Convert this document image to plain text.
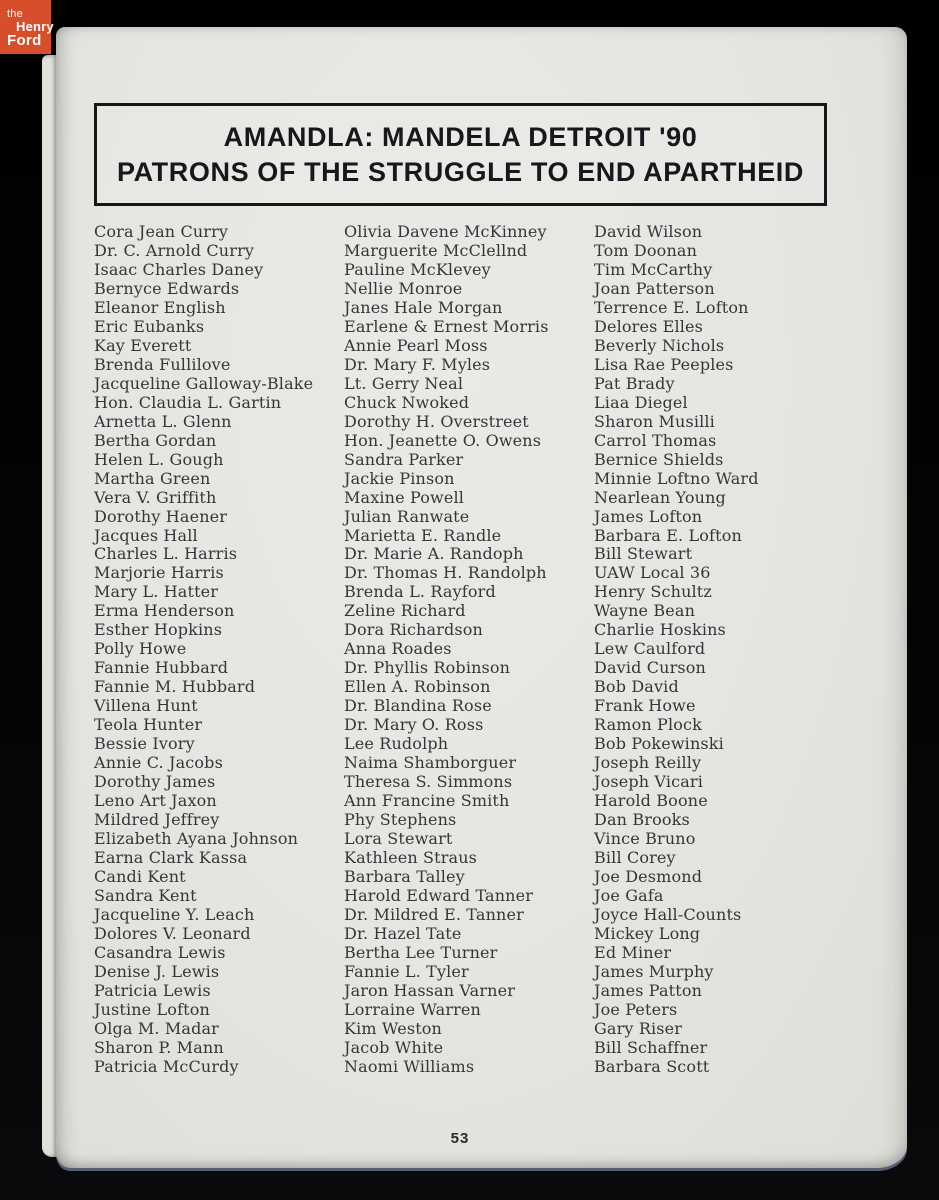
the
Henry
Ford
AMANDLA: MANDELA DETROIT '90
PATRONS OF THE STRUGGLE TO END APARTHEID
Cora Jean Curry
Dr. C. Arnold Curry
Isaac Charles Daney
Bernyce Edwards
Eleanor English
Eric Eubanks
Kay Everett
Brenda Fullilove
Jacqueline Galloway-Blake
Hon. Claudia L. Gartin
Arnetta L. Glenn
Bertha Gordan
Helen L. Gough
Martha Green
Vera V. Griffith
Dorothy Haener
Jacques Hall
Charles L. Harris
Marjorie Harris
Mary L. Hatter
Erma Henderson
Esther Hopkins
Polly Howe
Fannie Hubbard
Fannie M. Hubbard
Villena Hunt
Teola Hunter
Bessie Ivory
Annie C. Jacobs
Dorothy James
Leno Art Jaxon
Mildred Jeffrey
Elizabeth Ayana Johnson
Earna Clark Kassa
Candi Kent
Sandra Kent
Jacqueline Y. Leach
Dolores V. Leonard
Casandra Lewis
Denise J. Lewis
Patricia Lewis
Justine Lofton
Olga M. Madar
Sharon P. Mann
Patricia McCurdy
Olivia Davene McKinney
Marguerite McClellnd
Pauline McKlevey
Nellie Monroe
Janes Hale Morgan
Earlene & Ernest Morris
Annie Pearl Moss
Dr. Mary F. Myles
Lt. Gerry Neal
Chuck Nwoked
Dorothy H. Overstreet
Hon. Jeanette O. Owens
Sandra Parker
Jackie Pinson
Maxine Powell
Julian Ranwate
Marietta E. Randle
Dr. Marie A. Randoph
Dr. Thomas H. Randolph
Brenda L. Rayford
Zeline Richard
Dora Richardson
Anna Roades
Dr. Phyllis Robinson
Ellen A. Robinson
Dr. Blandina Rose
Dr. Mary O. Ross
Lee Rudolph
Naima Shamborguer
Theresa S. Simmons
Ann Francine Smith
Phy Stephens
Lora Stewart
Kathleen Straus
Barbara Talley
Harold Edward Tanner
Dr. Mildred E. Tanner
Dr. Hazel Tate
Bertha Lee Turner
Fannie L. Tyler
Jaron Hassan Varner
Lorraine Warren
Kim Weston
Jacob White
Naomi Williams
David Wilson
Tom Doonan
Tim McCarthy
Joan Patterson
Terrence E. Lofton
Delores Elles
Beverly Nichols
Lisa Rae Peeples
Pat Brady
Liaa Diegel
Sharon Musilli
Carrol Thomas
Bernice Shields
Minnie Loftno Ward
Nearlean Young
James Lofton
Barbara E. Lofton
Bill Stewart
UAW Local 36
Henry Schultz
Wayne Bean
Charlie Hoskins
Lew Caulford
David Curson
Bob David
Frank Howe
Ramon Plock
Bob Pokewinski
Joseph Reilly
Joseph Vicari
Harold Boone
Dan Brooks
Vince Bruno
Bill Corey
Joe Desmond
Joe Gafa
Joyce Hall-Counts
Mickey Long
Ed Miner
James Murphy
James Patton
Joe Peters
Gary Riser
Bill Schaffner
Barbara Scott
53
